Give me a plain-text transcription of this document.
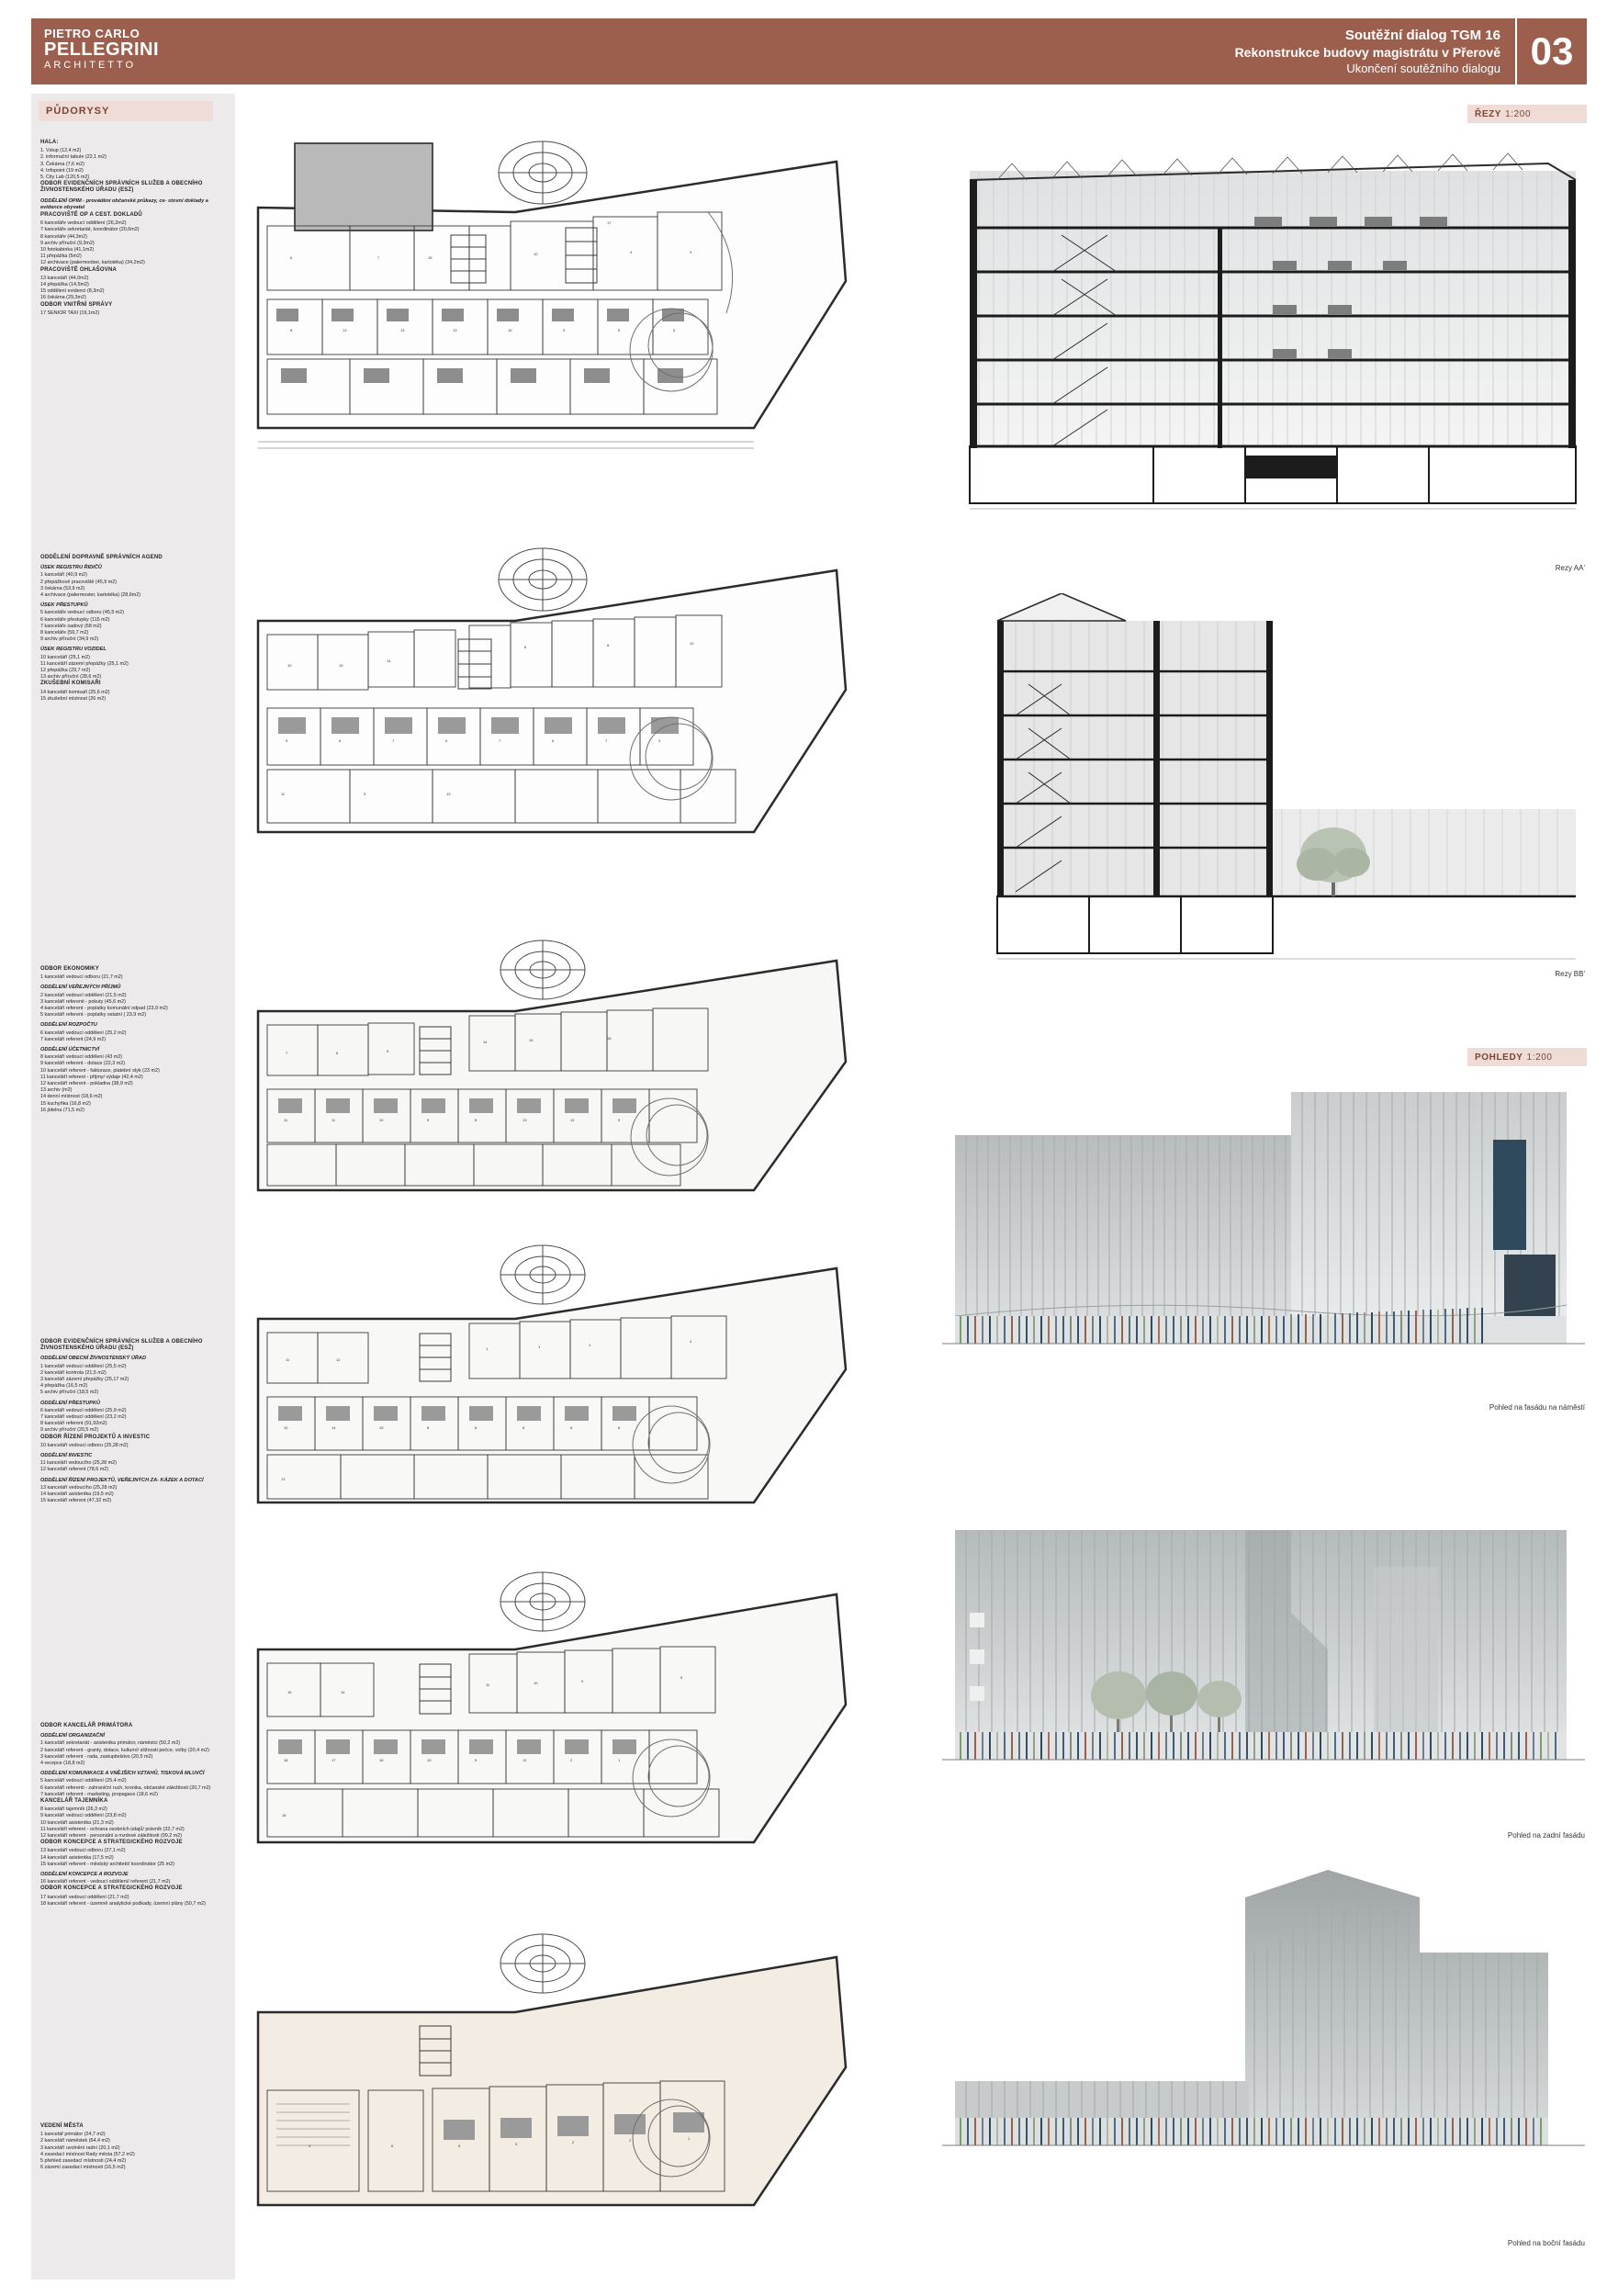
PIETRO CARLO
PELLEGRINI
ARCHITETTO
Soutěžní dialog TGM 16
Rekonstrukce budovy magistrátu v Přerově
Ukončení soutěžního dialogu 03
PŮDORYSY
HALA:

1. Vstup (12,4 m2)

2. informační tabule (22,1 m2)

3. Čekárna (7,6 m2)

4. Infopoint (19 m2)

5. City Lab (120,5 m2)

ODBOR EVIDENČNÍCH SPRÁVNÍCH SLUŽEB A OBECNÍHO ŽIVNOSTENSKÉHO ÚŘADU (ESZ)
ODDĚLENÍ OPIM - provádění občanské průkazy, ce- stovní doklady a evidence obyvatel
PRACOVIŠTĚ OP A CEST. DOKLADŮ

6 kanceláře vedoucí oddělení (26,2m2)

7 kanceláře sekretariát, koordinátor (20,6m2)

8 kanceláře (44,3m2)

9 archiv příruční (9,3m2)

10 fotokabinka (41,1m2)

11 přepážka (5m2)

12 archivace (palermonber, kartotéka) (34,2m2)

PRACOVIŠTĚ OHLAŠOVNA

13 kanceláří (44,0m2)

14 přepážka (14,5m2)

15 oddělení evidenci (8,3m2)

16 čekárna (29,3m2)

ODBOR VNITŘNÍ SPRÁVY

17 SENIOR TAXI (19,1m2)

ODDĚLENÍ DOPRAVNĚ SPRÁVNÍCH AGEND
ÚSEK REGISTRU ŘIDIČŮ

1 kanceláří (40,9 m2)

2 přepážkové pracoviště (45,9 m2)

3 čekárna (53,9 m2)

4 archivace (palermoster, kartotéka) (28,6m2)

ÚSEK PŘESTUPKŮ

5 kanceláře vedoucí odboru (45,5 m2)

6 kanceláře přestupky (115 m2)

7 kanceláře sadový (68 m2)

8 kanceláře (59,7 m2)

9 archiv příruční (34,9 m2)

ÚSEK REGISTRU VOZIDEL

10 kanceláří (25,1 m2)

11 kanceláří zázemí přepážky (25,1 m2)

12 přepážka (29,7 m2)

13 archiv příruční (28,6 m2)

ZKUŠEBNÍ KOMISAŘI

14 kanceláří komisaři (25,6 m2)

15 zkušební místnost (26 m2)

ODBOR EKONOMIKY

1 kanceláří vedoucí odboru (21,7 m2)

ODDĚLENÍ VEŘEJNÝCH PŘÍJMŮ

2 kanceláří vedoucí oddělení (21,5 m2)

3 kanceláří referenti - pokuty (45,6 m2)

4 kanceláří referent - poplatky komunální odpad (23,9 m2)

5 kanceláří referent - poplatky ostatní ( 23,9 m2)

ODDĚLENÍ ROZPOČTU

6 kanceláří vedoucí oddělení (25,2 m2)

7 kanceláří referent (24,9 m2)

ODDĚLENÍ ÚČETNICTVÍ

8 kanceláří vedoucí oddělení (43 m2)

9 kanceláří referent - dotace (22,3 m2)

10 kanceláří referent - fakturace, platební styk (23 m2)

11 kanceláří referent - příjmy/ výdaje (42,4 m2)

12 kanceláří referent - pokladna (38,9 m2)

13 archiv (m2)

14 denní místnost (18,6 m2)

15 kuchyňka (16,8 m2)

16 jídelna (71,5 m2)

ODBOR EVIDENČNÍCH SPRÁVNÍCH SLUŽEB A OBECNÍHO ŽIVNOSTENSKÉHO ÚŘADU (ESŽ)
ODDĚLENÍ OBECNÍ ŽIVNOSTENSKÝ ÚŘAD

1 kanceláří vedoucí oddělení (25,5 m2)

2 kanceláří kontrola (21,5 m2)

3 kanceláří zázemí přepážky (25,17 m2)

4 přepážka (16,5 m2)

5 archiv příruční (18,5 m2)

ODDĚLENÍ PŘESTUPKŮ

6 kanceláří vedoucí oddělení (25,9 m2)

7 kanceláří vedoucí oddělení (23,2 m2)

8 kanceláří referent (91,92m2)

9 archiv příruční (20,5 m2)

ODBOR ŘÍZENÍ PROJEKTŮ A INVESTIC

10 kanceláří vedoucí odboru (25,28 m2)

ODDĚLENÍ INVESTIC

11 kanceláří vedoucího (25,28 m2)

12 kanceláří referent (78,6 m2)

ODDĚLENÍ ŘÍZENÍ PROJEKTŮ, VEŘEJNÝCH ZA- KÁZEK A DOTACÍ

13 kanceláří vedoucího (25,28 m2)

14 kanceláří asistentka (19,5 m2)

15 kanceláří referent (47,32 m2)

ODBOR KANCELÁŘ PRIMÁTORA
ODDĚLENÍ ORGANIZAČNÍ

1 kanceláří sekretariát - asistentka primátor, náměstci (50,2 m2)

2 kanceláří referent - granty, dotace, kulturní/ sližnosti pečce, volby (20,4 m2)

3 kanceláří referent - rada, zastupitelstvo (20,5 m2)

4 recepce (18,8 m2)

ODDĚLENÍ KOMUNIKACE A VNĚJŠÍCH VZTAHŮ, TISKOVÁ MLUVČÍ

5 kanceláří vedoucí oddělení (25,4 m2)

6 kanceláří referenti - zahraniční ruch, kronika, občanské záležitosti (20,7 m2)

7 kanceláří referent - marketing, propagace (18,6 m2)

KANCELÁŘ TAJEMNÍKA

8 kanceláří tajemník (26,3 m2)

9 kanceláří vedoucí oddělení (23,8 m2)

10 kanceláří asistentka (21,3 m2)

11 kanceláří referent - ochrana osobních údajů/ právník (32,7 m2)

12 kanceláří referent - personální a mzdové záležitosti (99,2 m2)

ODBOR KONCEPCE A STRATEGICKÉHO ROZVOJE

13 kanceláří vedoucí odboru (27,1 m2)

14 kanceláří asistentka (17,5 m2)

15 kanceláří referent - městský architekt/ koordinátor (25 m2)

ODDĚLENÍ KONCEPCE A ROZVOJE

16 kanceláří referent - vedoucí oddělení/ referent (21,7 m2)

ODBOR KONCEPCE A STRATEGICKÉHO ROZVOJE

17 kanceláří vedoucí oddělení (21,7 m2)

18 kanceláří referent - územně analytické podkady, územní plány (50,7 m2)

VEDENÍ MĚSTA

1 kancelář primátor (24,7 m2)

2 kanceláří náměstek (64,4 m2)

3 kanceláří uvolnění radní (20,1 m2)

4 zasedací místnost Rady města (57,2 m2)

5 přehled zasedací místnosti (24,4 m2)

6 zázemí zasedací místnosti (16,5 m2)

ŘEZY 1:200
POHLEDY 1:200
6	7	15
10	4	3
8	13	13	13	16	9	6	5
17
10	15
14
8	8	12
9	6	7	6	7	6	7	3
11	5	13
7	6	5
14	15	16
11	11	10	9	8	13	12	9
11	12
1	1	1
4
10	14	15	8	8	8	8	8
13
15	14
11	10	9
5
18	17	16	10	9	12	2	1
18
4	6	5	3	2	2	1
Rezy AA'
Rezy BB'
Pohled na fasádu na náměstí
Pohled na zadní fasádu
Pohled na boční fasádu
